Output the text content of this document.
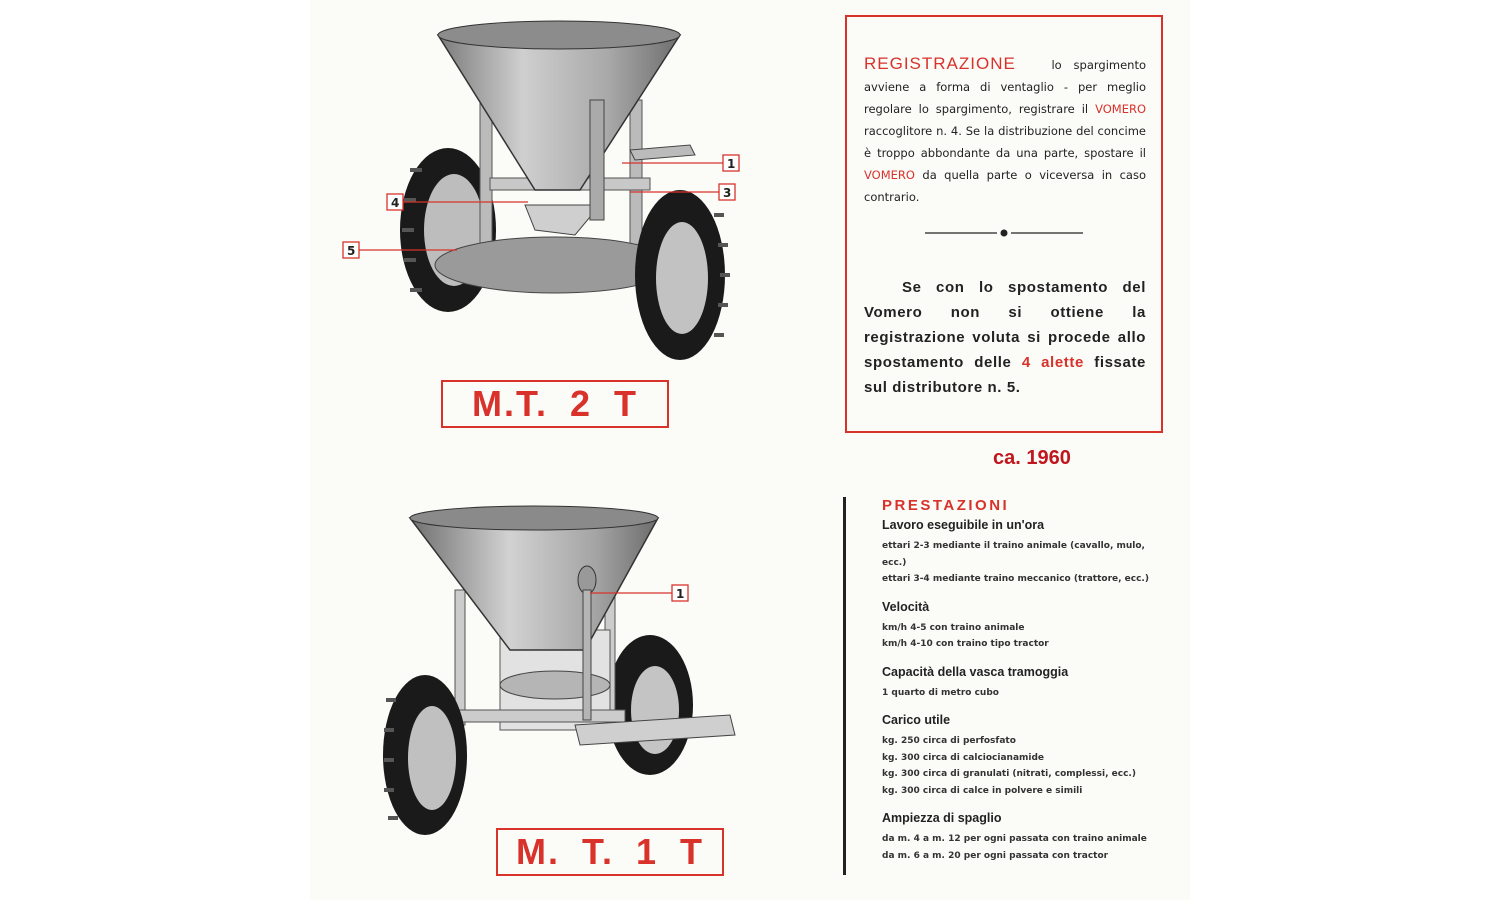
1
3
4
5
M.T. 2 T
1
M. T. 1 T
REGISTRAZIONE	lo spargimento avviene a forma di ventaglio - per meglio regolare lo spargimento, registrare il VOMERO raccoglitore n. 4. Se la distribuzione del concime è troppo abbondante da una parte, spostare il VOMERO da quella parte o viceversa in caso contrario.
Se con lo spostamento del Vomero non si ottiene la registrazione voluta si procede allo spostamento delle 4 alette fissate sul distributore n. 5.
ca. 1960

PRESTAZIONI

Lavoro eseguibile in un'ora

ettari 2-3 mediante il traino animale (cavallo, mulo, ecc.)

ettari 3-4 mediante traino meccanico (trattore, ecc.)

Velocità

km/h 4-5 con traino animale

km/h 4-10 con traino tipo tractor

Capacità della vasca tramoggia

1 quarto di metro cubo

Carico utile

kg. 250 circa di perfosfato

kg. 300 circa di calciocianamide

kg. 300 circa di granulati (nitrati, complessi, ecc.)

kg. 300 circa di calce in polvere e simili

Ampiezza di spaglio

da m. 4 a m. 12 per ogni passata con traino animale

da m. 6 a m. 20 per ogni passata con tractor
